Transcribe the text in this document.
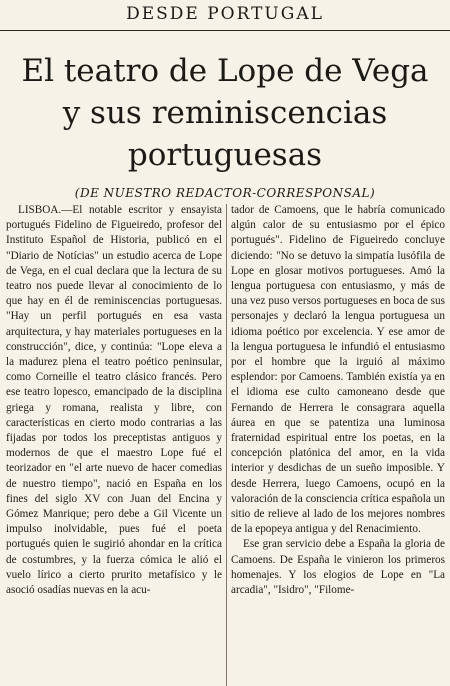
DESDE PORTUGAL
El teatro de Lope de Vega
y sus reminiscencias
portuguesas
(DE NUESTRO REDACTOR-CORRESPONSAL)

LISBOA.—El notable escritor y ensayista portugués Fidelino de Figueiredo, profesor del Instituto Español de Historia, publicó en el "Diario de Notícias" un estudio acerca de Lope de Vega, en el cual declara que la lectura de su teatro nos puede llevar al conocimiento de lo que hay en él de reminiscencias portuguesas. "Hay un perfil portugués en esa vasta arquitectura, y hay materiales portugueses en la construcción", dice, y continúa: "Lope eleva a la madurez plena el teatro poético peninsular, como Corneille el teatro clásico francés. Pero ese teatro lopesco, emancipado de la disciplina griega y romana, realista y libre, con características en cierto modo contrarias a las fijadas por todos los preceptistas antiguos y modernos de que el maestro Lope fué el teorizador en "el arte nuevo de hacer comedias de nuestro tiempo", nació en España en los fines del siglo XV con Juan del Encina y Gómez Manrique; pero debe a Gil Vicente un impulso inolvidable, pues fué el poeta portugués quien le sugirió ahondar en la crítica de costumbres, y la fuerza cómica le alió el vuelo lírico a cierto prurito metafísico y le asoció osadías nuevas en la acu-

tador de Camoens, que le habría comunicado algún calor de su entusiasmo por el épico portugués". Fidelino de Figueiredo concluye diciendo: "No se detuvo la simpatía lusófila de Lope en glosar motivos portugueses. Amó la lengua portuguesa con entusiasmo, y más de una vez puso versos portugueses en boca de sus personajes y declaró la lengua portuguesa un idioma poético por excelencia. Y ese amor de la lengua portuguesa le infundió el entusiasmo por el hombre que la irguió al máximo esplendor: por Camoens. También existía ya en el idioma ese culto camoneano desde que Fernando de Herrera le consagrara aquella áurea en que se patentiza una luminosa fraternidad espiritual entre los poetas, en la concepción platónica del amor, en la vida interior y desdichas de un sueño imposible. Y desde Herrera, luego Camoens, ocupó en la valoración de la consciencia crítica española un sitio de relieve al lado de los mejores nombres de la epopeya antigua y del Renacimiento.

Ese gran servicio debe a España la gloria de Camoens. De España le vinieron los primeros homenajes. Y los elogios de Lope en "La arcadia", "Isidro", "Filome-
